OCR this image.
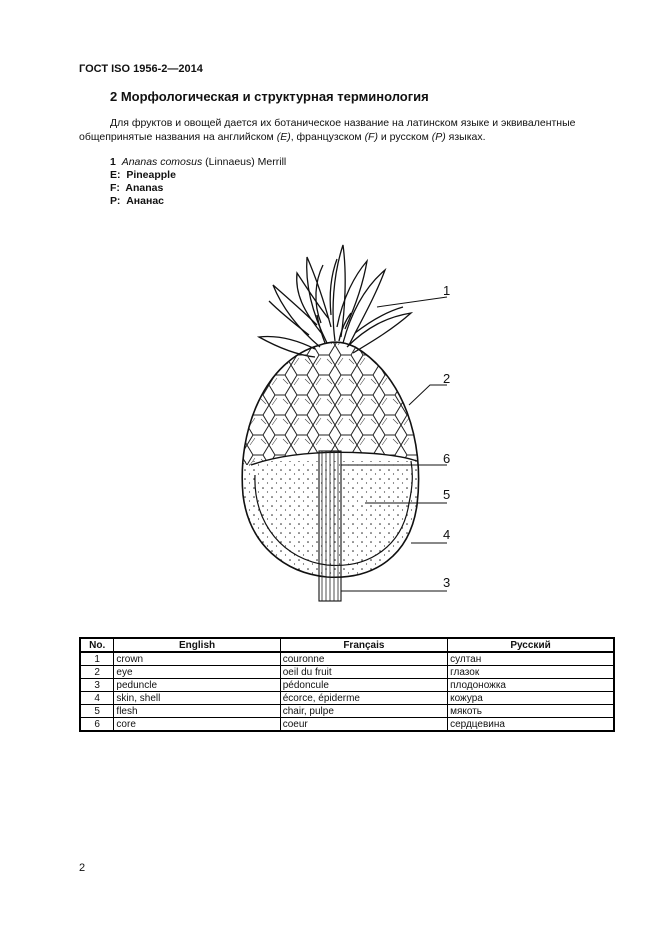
ГОСТ ISO 1956-2—2014
2 Морфологическая и структурная терминология

Для фруктов и овощей дается их ботаническое название на латинском языке и эквивалентные

общепринятые названия на английском (E), французском (F) и русском (Р) языках.

1 Ananas comosus (Linnaeus) Merrill
E: Pineapple
F: Ananas
Р: Ананас
1
2
6
5
4
3
No.	English	Français	Русский
1	crown	couronne	султан
2	eye	oeil du fruit	глазок
3	peduncle	pédoncule	плодоножка
4	skin, shell	écorce, épiderme	кожура
5	flesh	chair, pulpe	мякоть
6	core	coeur	сердцевина
2
